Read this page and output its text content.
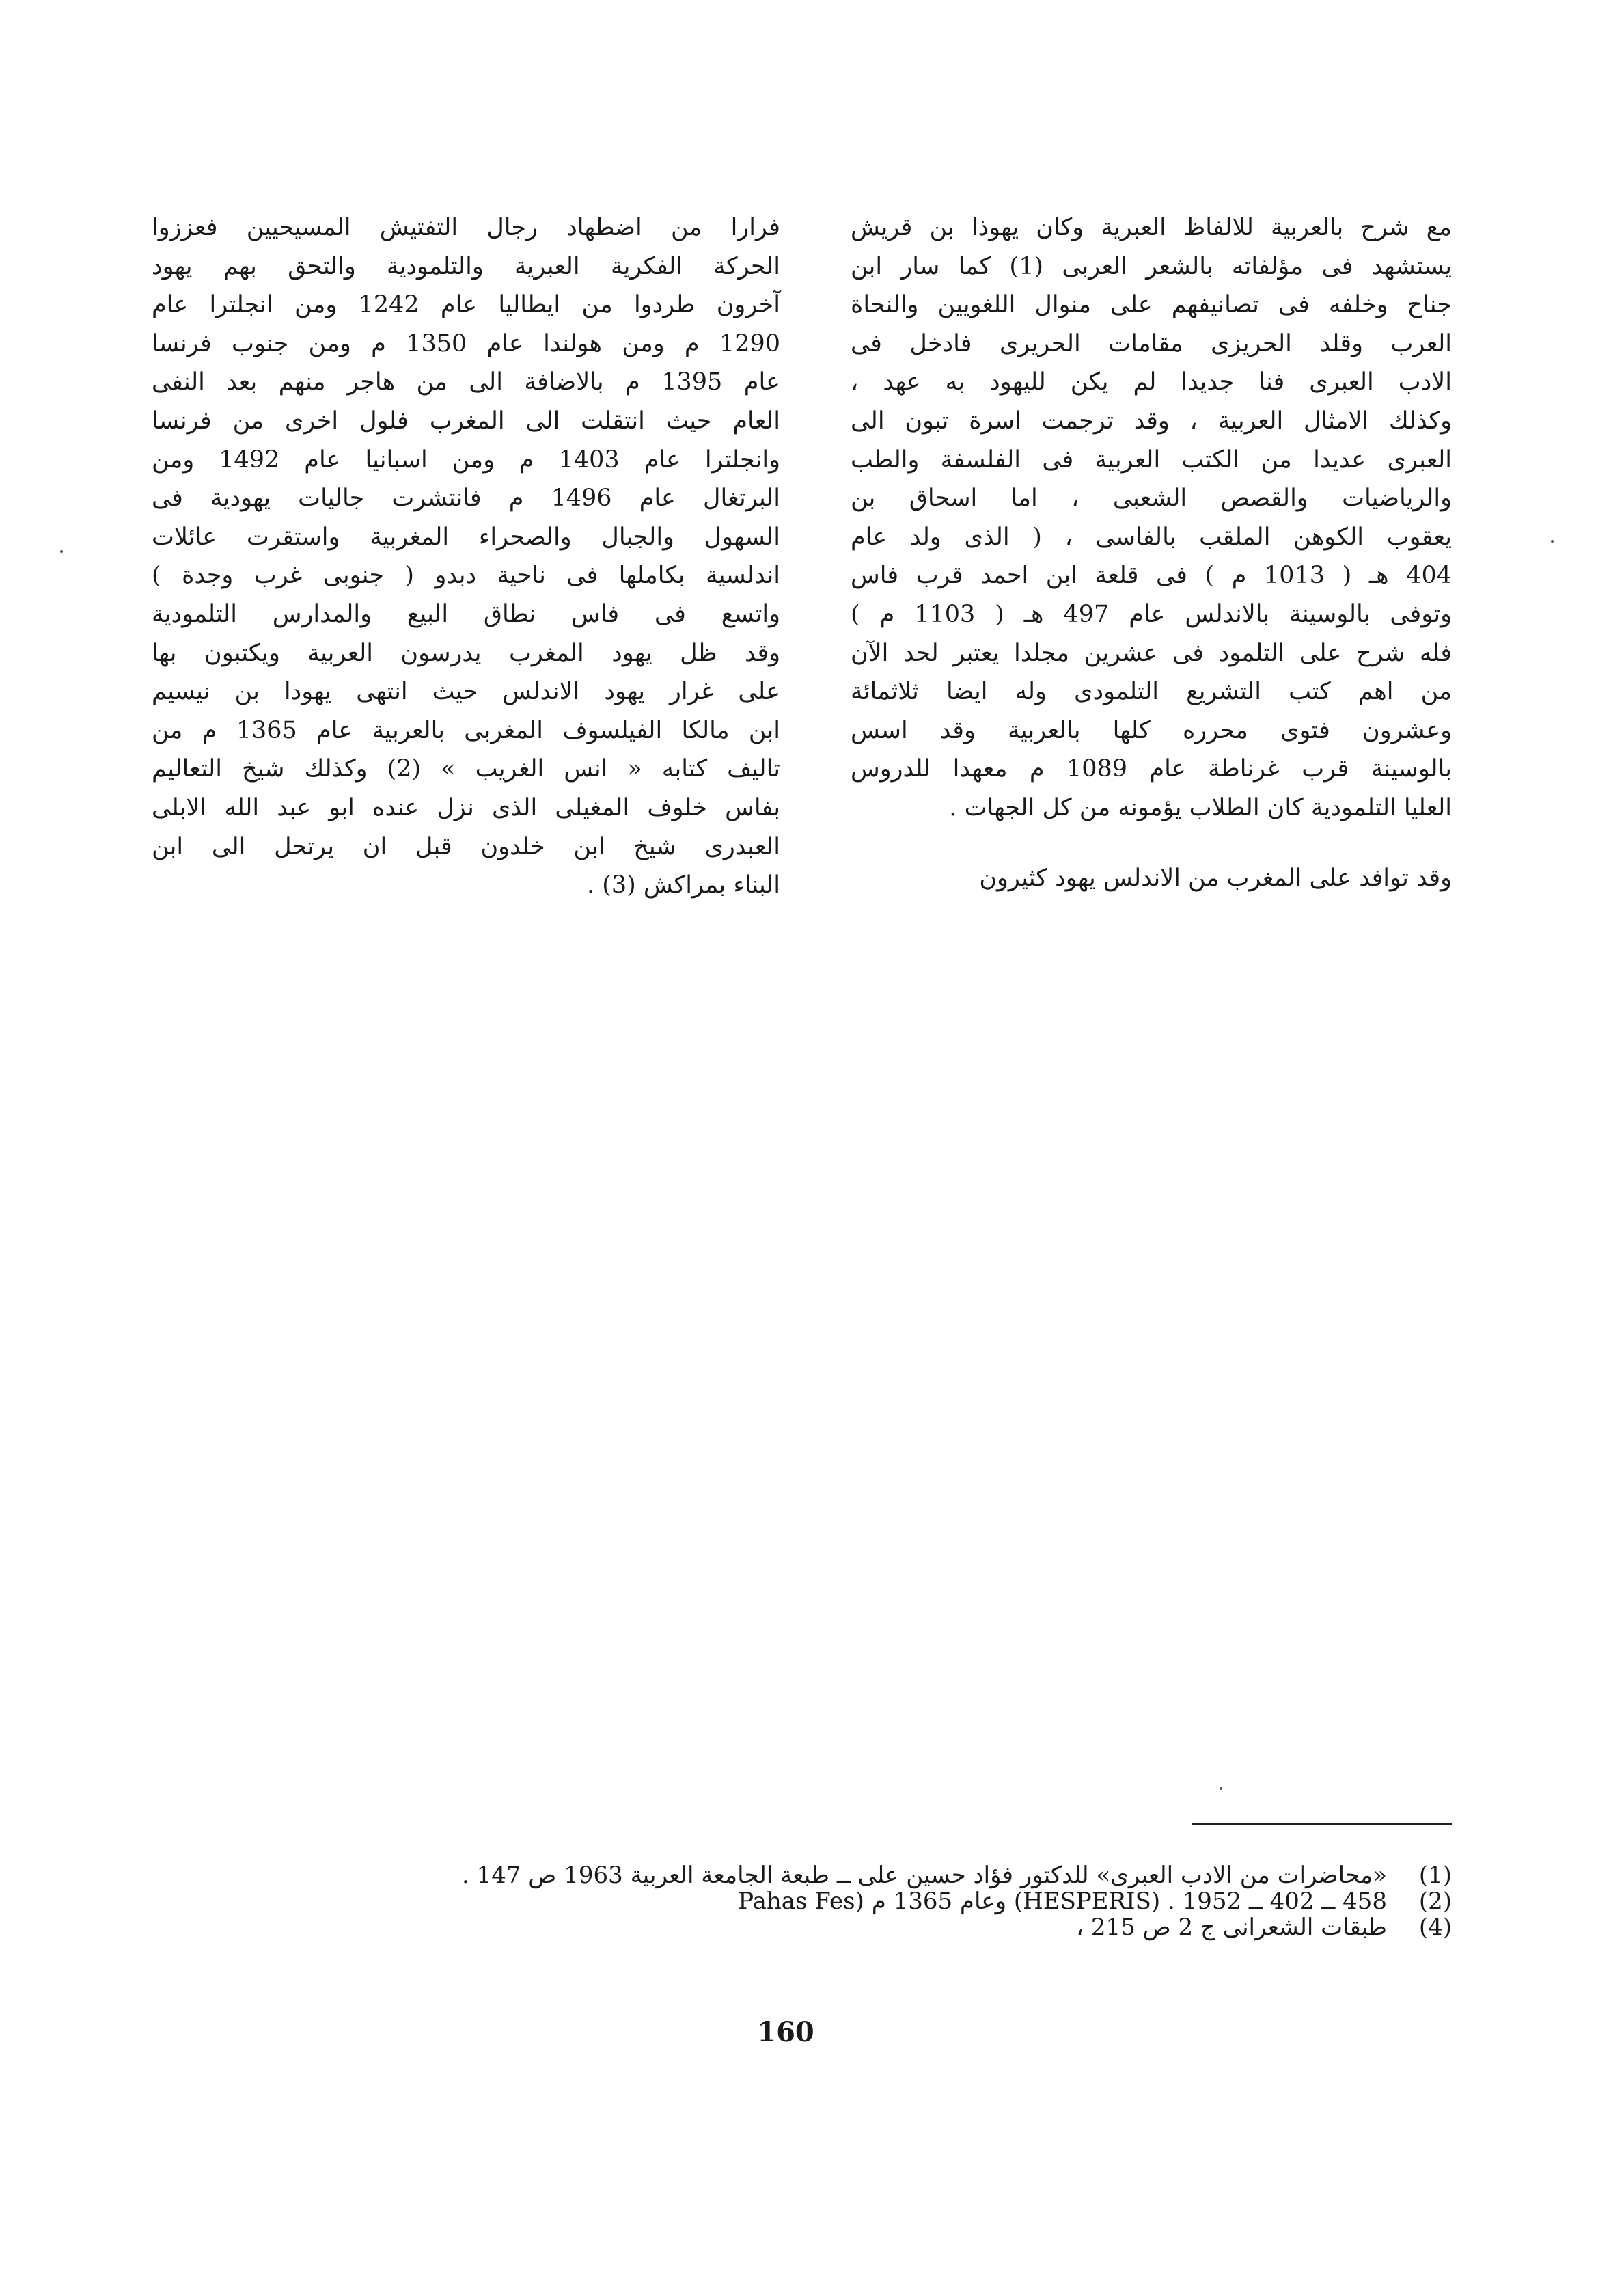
مع شرح بالعربية للالفاظ العبرية وكان يهوذا بن قريش
يستشهد فى مؤلفاته بالشعر العربى (1) كما سار ابن
جناح وخلفه فى تصانيفهم على منوال اللغويين والنحاة
العرب وقلد الحريزى مقامات الحريرى فادخل فى
الادب العبرى فنا جديدا لم يكن لليهود به عهد ،
وكذلك الامثال العربية ، وقد ترجمت اسرة تبون الى
العبرى عديدا من الكتب العربية فى الفلسفة والطب
والرياضيات والقصص الشعبى ، اما اسحاق بن
يعقوب الكوهن الملقب بالفاسى ، ( الذى ولد عام
404 هـ ( 1013 م ) فى قلعة ابن احمد قرب فاس
وتوفى بالوسينة بالاندلس عام 497 هـ ( 1103 م )
فله شرح على التلمود فى عشرين مجلدا يعتبر لحد الآن
من اهم كتب التشريع التلمودى وله ايضا ثلاثمائة
وعشرون فتوى محرره كلها بالعربية وقد اسس
بالوسينة قرب غرناطة عام 1089 م معهدا للدروس
العليا التلمودية كان الطلاب يؤمونه من كل الجهات .
وقد توافد على المغرب من الاندلس يهود كثيرون
فرارا من اضطهاد رجال التفتيش المسيحيين فعززوا
الحركة الفكرية العبرية والتلمودية والتحق بهم يهود
آخرون طردوا من ايطاليا عام 1242 ومن انجلترا عام
1290 م ومن هولندا عام 1350 م ومن جنوب فرنسا
عام 1395 م بالاضافة الى من هاجر منهم بعد النفى
العام حيث انتقلت الى المغرب فلول اخرى من فرنسا
وانجلترا عام 1403 م ومن اسبانيا عام 1492 ومن
البرتغال عام 1496 م فانتشرت جاليات يهودية فى
السهول والجبال والصحراء المغربية واستقرت عائلات
اندلسية بكاملها فى ناحية دبدو ( جنوبى غرب وجدة )
واتسع فى فاس نطاق البيع والمدارس التلمودية
وقد ظل يهود المغرب يدرسون العربية ويكتبون بها
على غرار يهود الاندلس حيث انتهى يهودا بن نيسيم
ابن مالكا الفيلسوف المغربى بالعربية عام 1365 م من
تاليف كتابه « انس الغريب » (2) وكذلك شيخ التعاليم
بفاس خلوف المغيلى الذى نزل عنده ابو عبد الله الابلى
العبدرى شيخ ابن خلدون قبل ان يرتحل الى ابن
البناء بمراكش (3) .
(1)
«محاضرات من الادب العبرى» للدكتور فؤاد حسين على ــ طبعة الجامعة العربية 1963 ص 147 .
(2)
458 ــ 402 ــ 1952 . (HESPERIS) وعام 1365 م (Pahas Fes
(4)
طبقات الشعرانى ج 2 ص 215 ،
160
